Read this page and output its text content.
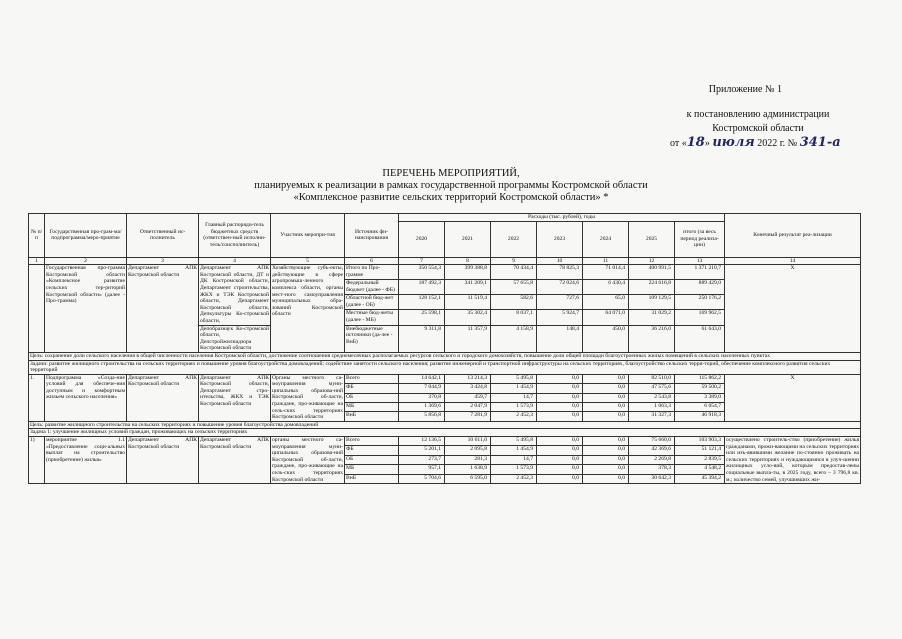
Приложение № 1
к постановлению администрации
Костромской области
от «18» июля 2022 г. № 341-а
ПЕРЕЧЕНЬ МЕРОПРИЯТИЙ,
планируемых к реализации в рамках государственной программы Костромской области
«Комплексное развитие сельских территорий Костромской области» *
№ п/п	Государственная про-грам-ма/подпрограмма/меро-приятие	Ответственный ис-полнитель	Главный распоряди-тель бюджетных средств (ответствен-ный исполни-тель/соисполнитель)	Участник меропри-тия	Источник фи-нансирования	Расходы (тыс. рублей), годы							Конечный результат реа-лизации
						2020	2021	2022	2023	2024	2025	итого (за весь период реализа-ции)	
1	2	3	4	5	6	7	8	9	10	11	12	13	14
	Государственная про-грамма Костромской области «Комплексное развитие сельских тер-риторий Костромской области» (далее - Про-грамма)	Департамент АПК Костромской области	Департамент АПК Костромской области, ДТ и ДК Костромской области, Департамент строительства, ЖКХ и ТЭК Костромской области, Департамент Костромской области, Депкультуры Ко-стромской области,	Хозяйствующие субъ-екты, действующие в сфере агропромыш-ленного комплекса области, органы мест-ного самоуправления муниципальных обра-зований Костромской области	Итого по Про-грамме	350 554,3	399 388,8	70 434,4	78 825,3	71 014,4	400 991,5	1 371 210,7	Х
					Федеральный бюджет (далее - ФБ)	187 492,3	341 209,1	57 655,8	72 024,6	6 430,4	224 616,8	889 429,0	
					Областной бюд-жет (далее - ОБ)	128 152,1	11 519,4	582,6	727,6	65,0	109 129,5	250 176,2	
					Местные бюд-жеты (далее - МБ)	25 598,1	35 302,4	8 037,1	5 924,7	64 071,0	31 029,2	169 962,5	
			Депобразнаук Ко-стромской области, Депстройжилнадзора Костромской области		Внебюджетные источники (да-лее - ВнБ)	9 311,8	11 357,9	4 158,9	148,4	450,0	36 216,0	61 643,0	
Цель: сохранение доли сельского населения в общей численности населения Костромской области, достижение соотношения среднемесячных располагаемых ресурсов сельского и городского домохозяйств, повышение доли общей площади благоустроенных жилых помещений в сельских населенных пунктах													
Задачи: развитие жилищного строительства на сельских территориях и повышение уровня благоустройства домовладений; содействие занятости сельского населения; развитие инженерной и транспортной инфраструктуры на сельских территориях, благоустройство сельских терри-торий, обеспечение комплексного развития сельских территорий													
1.	Подпрограмма «Созда-ние условий для обеспече-ния доступным и комфортным жильем сельского населения»	Департамент АПК Костромской области	Департамент АПК Костромской области, Департамент стро-ительства, ЖКХ и ТЭК Костромской области	Органы местного са-моуправления муни-ципальных образова-ний Костромской об-ласти, граждане, про-живающие на сель-ских территориях Костромской области	Всего	14 642,1	13 214,3	5 495,8	0,0	0,0	82 510,0	115 862,2	Х
					ФБ	7 044,9	3 424,8	1 454,9	0,0	0,0	47 575,6	59 500,2	
					ОБ	370,8	459,7	14,7	0,0	0,0	2 543,8	3 389,0	
					МБ	1 369,6	2 047,9	1 573,9	0,0	0,0	1 063,3	6 054,7	
					ВнБ	5 856,8	7 281,9	2 452,3	0,0	0,0	31 327,3	46 918,3	
Цель: развитие жилищного строительства на сельских территориях и повышение уровня благоустройства домовладений													
Задача 1: улучшение жилищных условий граждан, проживающих на сельских территориях													
1)	мероприятие 1.1 «Предоставление соци-альных выплат на строительство (приобретение) жилья»	Департамент АПК Костромской области	Департамент АПК Костромской области	органы местного са-моуправления муни-ципальных образова-ний Костромской об-ласти, граждане, про-живающие на сель-ских территориях Костромской области	Всего	12 136,5	10 611,0	5 495,8	0,0	0,0	75 660,0	103 903,3	осуществлено строитель-ство (приобретение) жилья гражданами, прожи-вающими на сельских территориях или изъ-явившими желание по-стоянно проживать на сельских территориях и нуждающимися в улуч-шении жилищных усло-вий, которым предостав-лены социальные выпла-ты, в 2025 году, всего – 3 796,8 кв. м.; количество семей, улучшивших жи-
					ФБ	5 201,1	2 095,8	1 454,9	0,0	0,0	42 369,6	51 121,4	
					ОБ	273,7	281,3	14,7	0,0	0,0	2 269,8	2 839,5	
					МБ	957,1	1 638,9	1 573,9	0,0	0,0	378,3	4 548,2	
					ВнБ	5 704,6	6 595,0	2 452,3	0,0	0,0	30 642,3	45 394,2	
